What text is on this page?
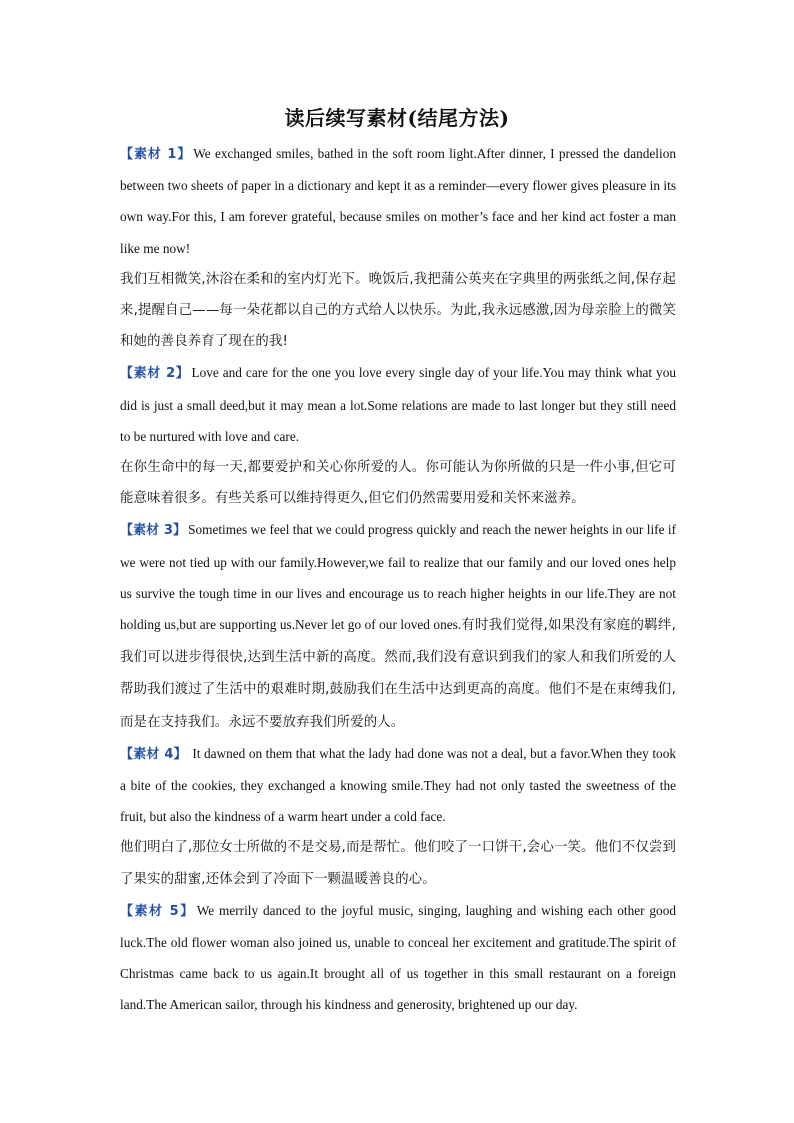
读后续写素材(结尾方法)

【素材 1】 We exchanged smiles, bathed in the soft room light.After dinner, I pressed the dandelion between two sheets of paper in a dictionary and kept it as a reminder—every flower gives pleasure in its own way.For this, I am forever grateful, because smiles on mother’s face and her kind act foster a man like me now!

我们互相微笑,沐浴在柔和的室内灯光下。晚饭后,我把蒲公英夹在字典里的两张纸之间,保存起来,提醒自己——每一朵花都以自己的方式给人以快乐。为此,我永远感激,因为母亲脸上的微笑和她的善良养育了现在的我!

【素材 2】 Love and care for the one you love every single day of your life.You may think what you did is just a small deed,but it may mean a lot.Some relations are made to last longer but they still need to be nurtured with love and care.

在你生命中的每一天,都要爱护和关心你所爱的人。你可能认为你所做的只是一件小事,但它可能意味着很多。有些关系可以维持得更久,但它们仍然需要用爱和关怀来滋养。

【素材 3】 Sometimes we feel that we could progress quickly and reach the newer heights in our life if we were not tied up with our family.However,we fail to realize that our family and our loved ones help us survive the tough time in our lives and encourage us to reach higher heights in our life.They are not holding us,but are supporting us.Never let go of our loved ones.有时我们觉得,如果没有家庭的羁绊,我们可以进步得很快,达到生活中新的高度。然而,我们没有意识到我们的家人和我们所爱的人帮助我们渡过了生活中的艰难时期,鼓励我们在生活中达到更高的高度。他们不是在束缚我们,而是在支持我们。永远不要放弃我们所爱的人。

【素材 4】 It dawned on them that what the lady had done was not a deal, but a favor.When they took a bite of the cookies, they exchanged a knowing smile.They had not only tasted the sweetness of the fruit, but also the kindness of a warm heart under a cold face.

他们明白了,那位女士所做的不是交易,而是帮忙。他们咬了一口饼干,会心一笑。他们不仅尝到了果实的甜蜜,还体会到了冷面下一颗温暖善良的心。

【素材 5】 We merrily danced to the joyful music, singing, laughing and wishing each other good luck.The old flower woman also joined us, unable to conceal her excitement and gratitude.The spirit of Christmas came back to us again.It brought all of us together in this small restaurant on a foreign land.The American sailor, through his kindness and generosity, brightened up our day.
